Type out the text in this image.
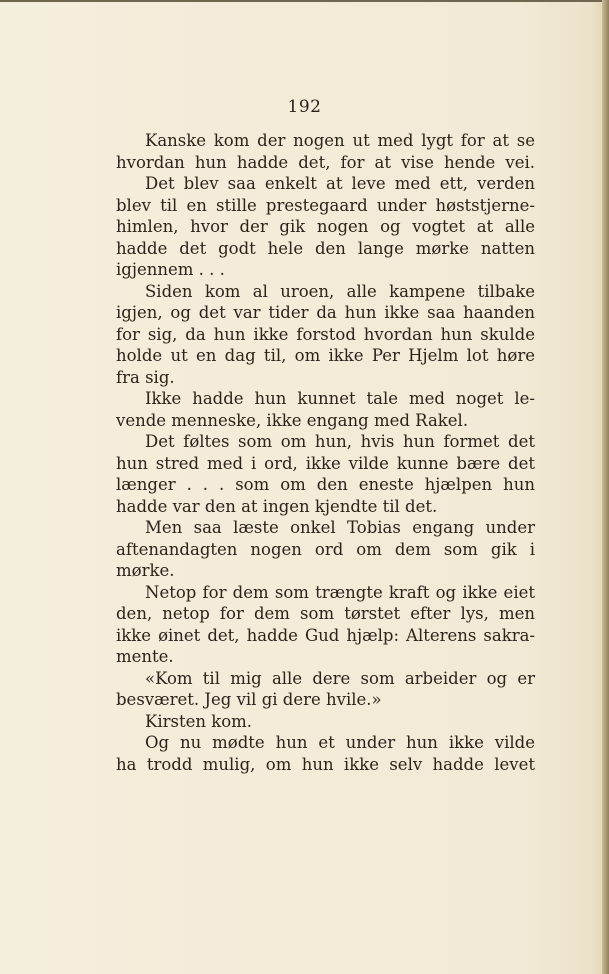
192
Kanske kom der nogen ut med lygt for at se
hvordan hun hadde det, for at vise hende vei.
Det blev saa enkelt at leve med ett, verden
blev til en stille prestegaard under høststjerne-
himlen, hvor der gik nogen og vogtet at alle
hadde det godt hele den lange mørke natten
igjennem . . .
Siden kom al uroen, alle kampene tilbake
igjen, og det var tider da hun ikke saa haanden
for sig, da hun ikke forstod hvordan hun skulde
holde ut en dag til, om ikke Per Hjelm lot høre
fra sig.
Ikke hadde hun kunnet tale med noget le-
vende menneske, ikke engang med Rakel.
Det føltes som om hun, hvis hun formet det
hun stred med i ord, ikke vilde kunne bære det
længer . . . som om den eneste hjælpen hun
hadde var den at ingen kjendte til det.
Men saa læste onkel Tobias engang under
aftenandagten nogen ord om dem som gik i
mørke.
Netop for dem som trængte kraft og ikke eiet
den, netop for dem som tørstet efter lys, men
ikke øinet det, hadde Gud hjælp: Alterens sakra-
mente.
«Kom til mig alle dere som arbeider og er
besværet. Jeg vil gi dere hvile.»
Kirsten kom.
Og nu mødte hun et under hun ikke vilde
ha trodd mulig, om hun ikke selv hadde levet
